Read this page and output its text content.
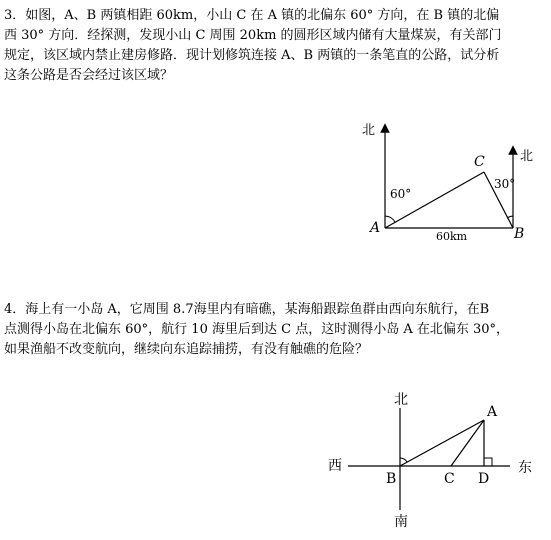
3．如图，A、B 两镇相距 60km，小山 C 在 A 镇的北偏东 60° 方向，在 B 镇的北偏
西 30° 方向．经探测，发现小山 C 周围 20km 的圆形区域内储有大量煤炭，有关部门
规定，该区域内禁止建房修路．现计划修筑连接 A、B 两镇的一条笔直的公路，试分析
这条公路是否会经过该区域？
4．海上有一小岛 A，它周围 8.7海里内有暗礁，某海船跟踪鱼群由西向东航行，在B
点测得小岛在北偏东 60°，航行 10 海里后到达 C 点，这时测得小岛 A 在北偏东 30°，
如果渔船不改变航向，继续向东追踪捕捞，有没有触礁的危险？
北
北
C
60°
30°
A	B
60km
北
A
西	东
B	C D
南
